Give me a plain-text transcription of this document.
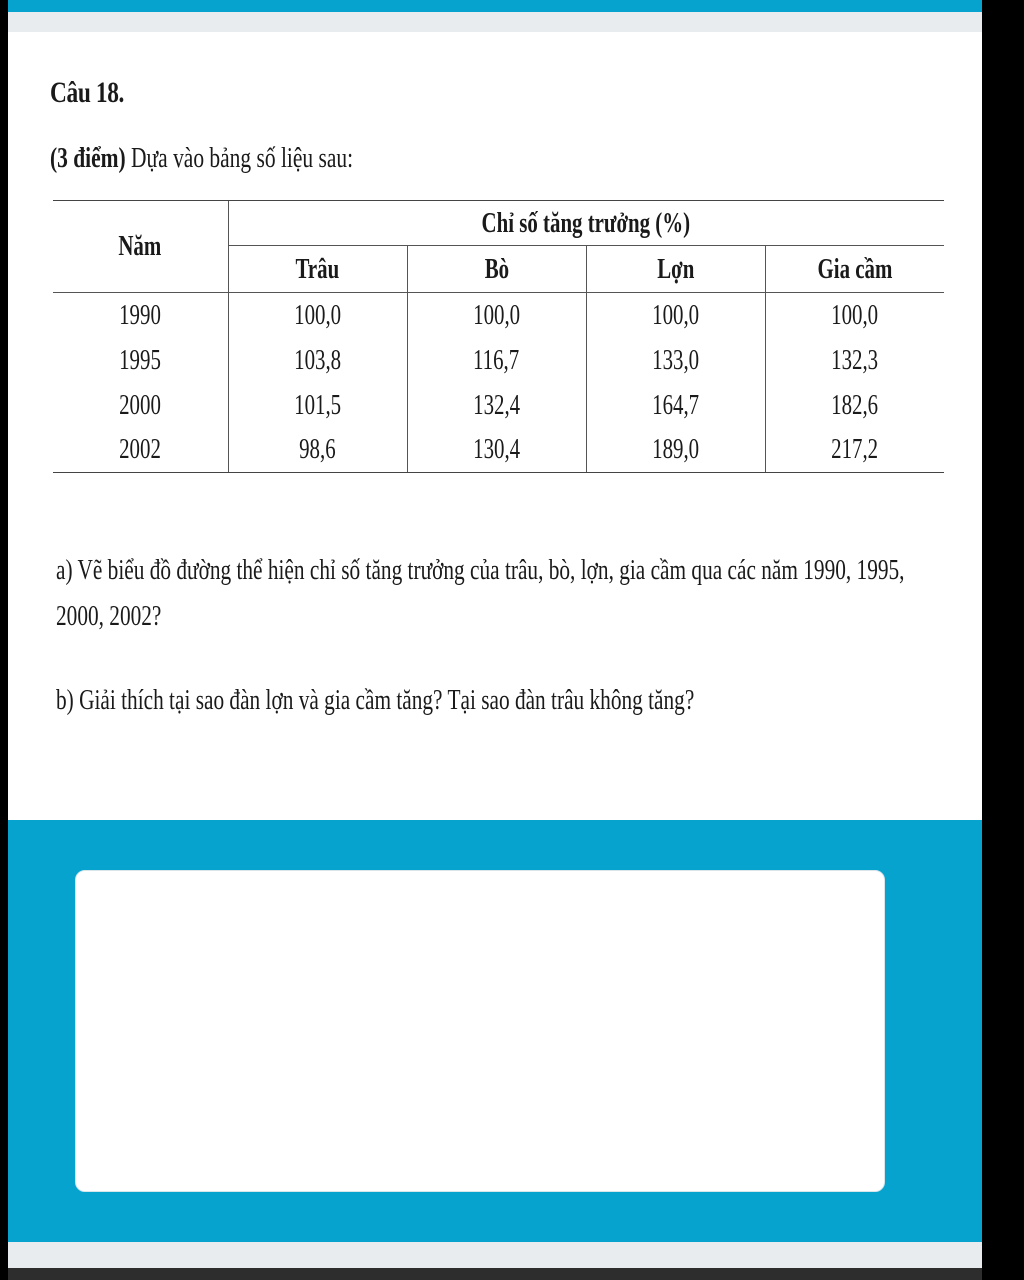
Câu 18.
(3 điểm) Dựa vào bảng số liệu sau:
Năm	Chỉ số tăng trưởng (%)			
	Trâu	Bò	Lợn	Gia cầm
1990	100,0	100,0	100,0	100,0
1995	103,8	116,7	133,0	132,3
2000	101,5	132,4	164,7	182,6
2002	98,6	130,4	189,0	217,2
a) Vẽ biểu đồ đường thể hiện chỉ số tăng trưởng của trâu, bò, lợn, gia cầm qua các năm 1990, 1995,
2000, 2002?
b) Giải thích tại sao đàn lợn và gia cầm tăng? Tại sao đàn trâu không tăng?
